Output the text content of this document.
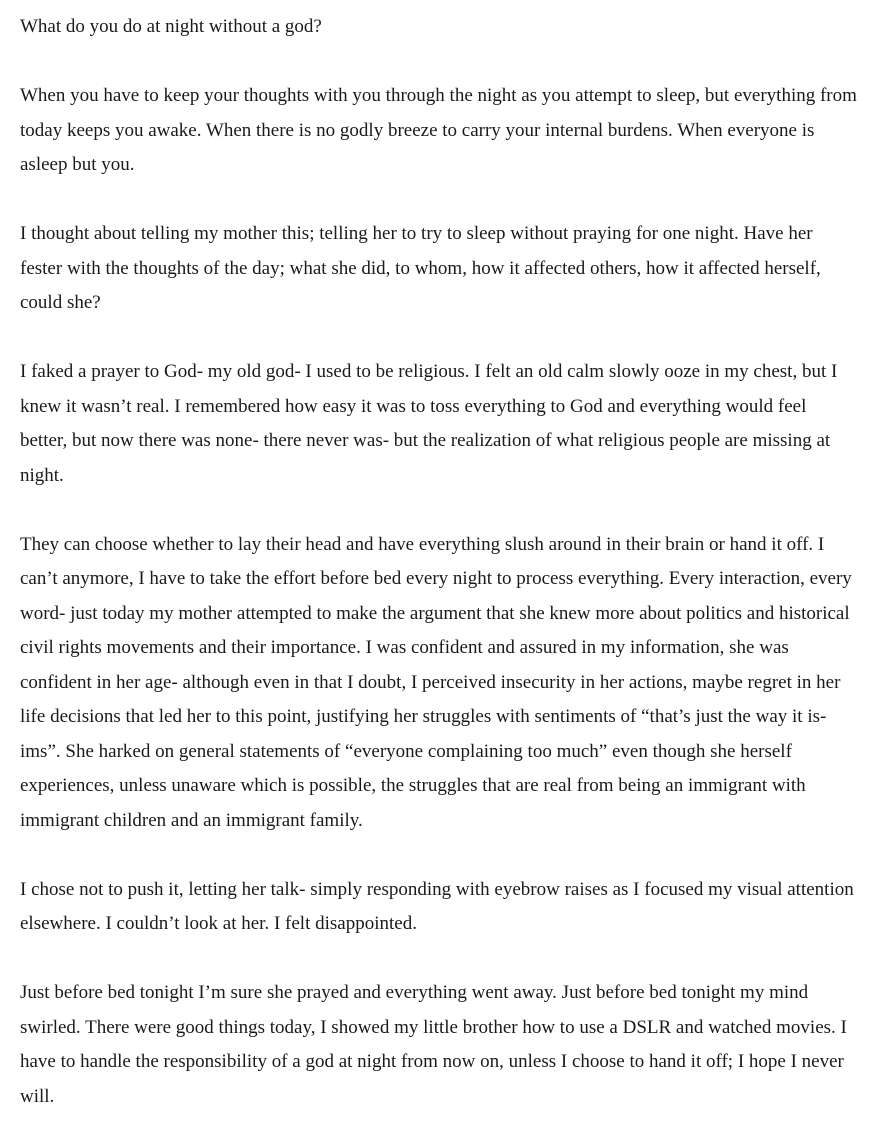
What do you do at night without a god?

When you have to keep your thoughts with you through the night as you attempt to sleep, but everything from today keeps you awake. When there is no godly breeze to carry your internal burdens. When everyone is asleep but you.

I thought about telling my mother this; telling her to try to sleep without praying for one night. Have her fester with the thoughts of the day; what she did, to whom, how it affected others, how it affected herself, could she?

I faked a prayer to God- my old god- I used to be religious. I felt an old calm slowly ooze in my chest, but I knew it wasn’t real. I remembered how easy it was to toss everything to God and everything would feel better, but now there was none- there never was- but the realization of what religious people are missing at night.

They can choose whether to lay their head and have everything slush around in their brain or hand it off. I can’t anymore, I have to take the effort before bed every night to process everything. Every interaction, every word- just today my mother attempted to make the argument that she knew more about politics and historical civil rights movements and their importance. I was confident and assured in my information, she was confident in her age- although even in that I doubt, I perceived insecurity in her actions, maybe regret in her life decisions that led her to this point, justifying her struggles with sentiments of “that’s just the way it is-ims”. She harked on general statements of “everyone complaining too much” even though she herself experiences, unless unaware which is possible, the struggles that are real from being an immigrant with immigrant children and an immigrant family.

I chose not to push it, letting her talk- simply responding with eyebrow raises as I focused my visual attention elsewhere. I couldn’t look at her. I felt disappointed.

Just before bed tonight I’m sure she prayed and everything went away. Just before bed tonight my mind swirled. There were good things today, I showed my little brother how to use a DSLR and watched movies. I have to handle the responsibility of a god at night from now on, unless I choose to hand it off; I hope I never will.
